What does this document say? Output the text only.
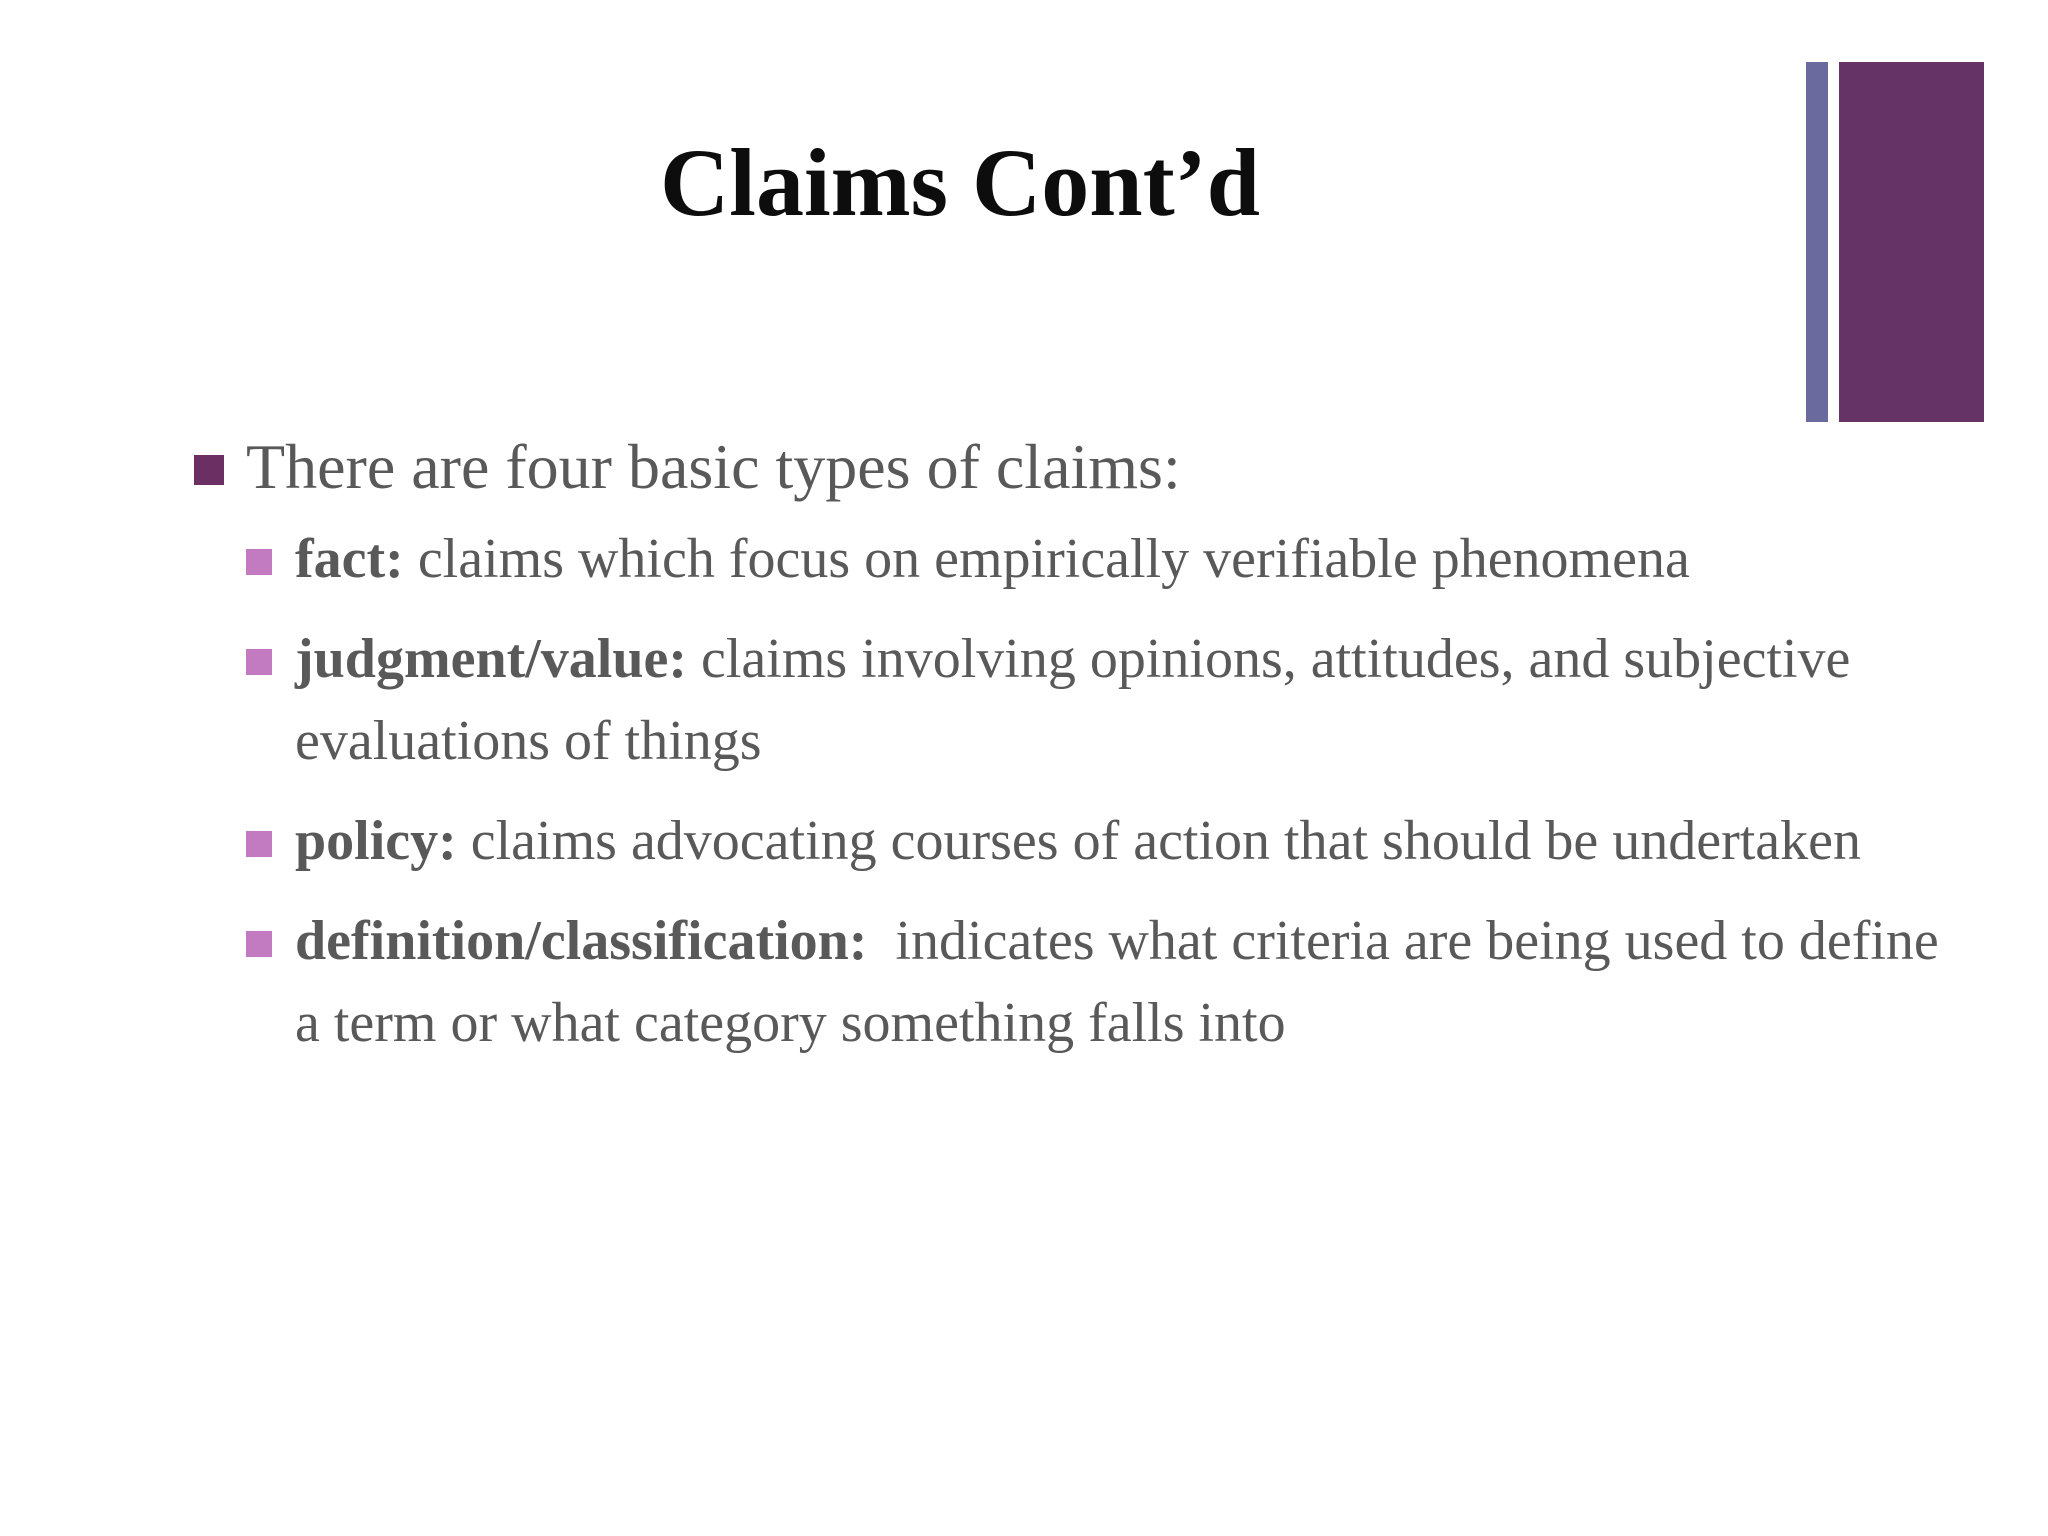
Claims Cont’d
There are four basic types of claims:
fact: claims which focus on empirically verifiable phenomena
judgment/value: claims involving opinions, attitudes, and subjective evaluations of things
policy: claims advocating courses of action that should be undertaken
definition/classification:  indicates what criteria are being used to define a term or what category something falls into
